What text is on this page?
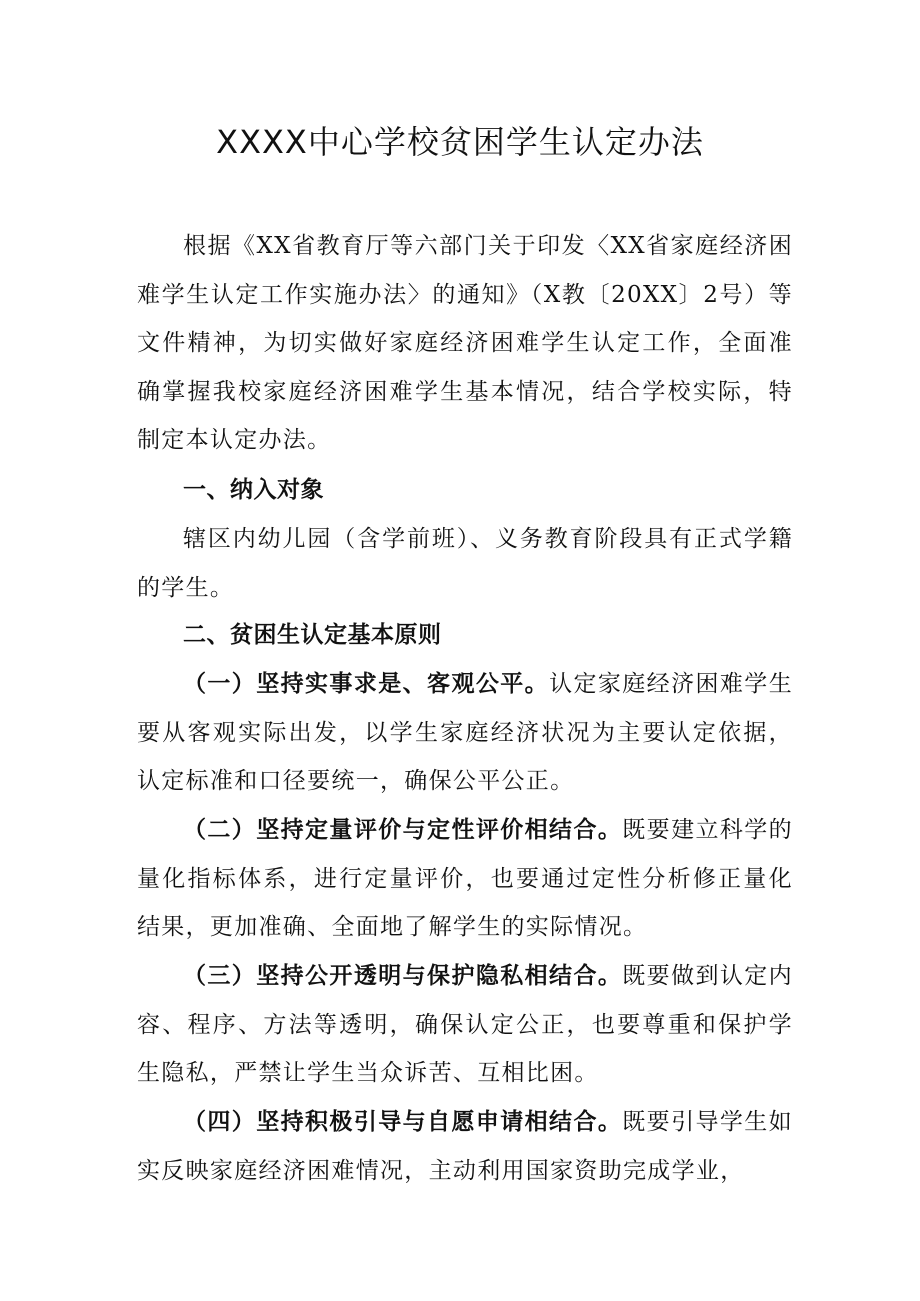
XXXX中心学校贫困学生认定办法

根据《XX省教育厅等六部门关于印发〈XX省家庭经济困难学生认定工作实施办法〉的通知》（X教〔20XX〕2号）等文件精神，为切实做好家庭经济困难学生认定工作，全面准确掌握我校家庭经济困难学生基本情况，结合学校实际，特制定本认定办法。

一、纳入对象

辖区内幼儿园（含学前班）、义务教育阶段具有正式学籍的学生。

二、贫困生认定基本原则

（一）坚持实事求是、客观公平。认定家庭经济困难学生要从客观实际出发，以学生家庭经济状况为主要认定依据，认定标准和口径要统一，确保公平公正。

（二）坚持定量评价与定性评价相结合。既要建立科学的量化指标体系，进行定量评价，也要通过定性分析修正量化结果，更加准确、全面地了解学生的实际情况。

（三）坚持公开透明与保护隐私相结合。既要做到认定内容、程序、方法等透明，确保认定公正，也要尊重和保护学生隐私，严禁让学生当众诉苦、互相比困。

（四）坚持积极引导与自愿申请相结合。既要引导学生如实反映家庭经济困难情况，主动利用国家资助完成学业，
